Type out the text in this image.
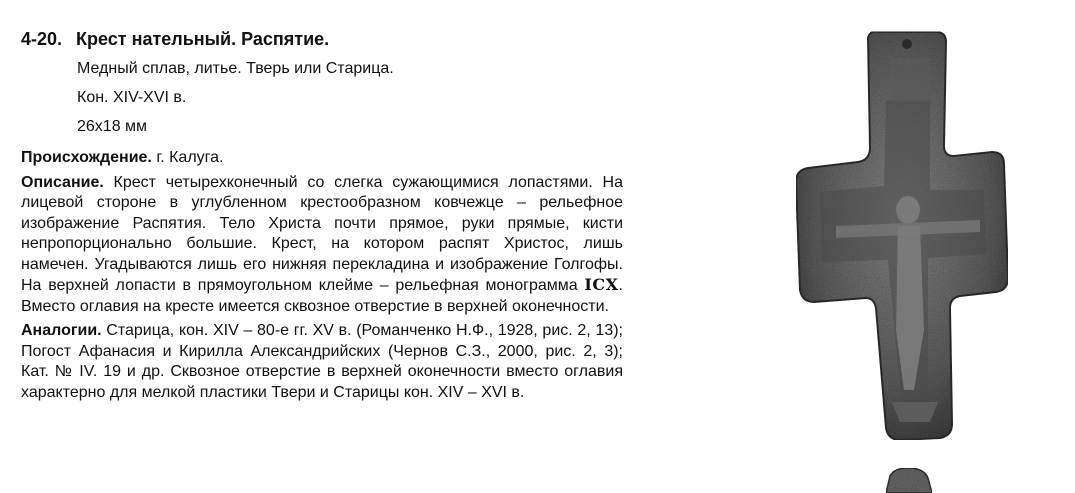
4-20. Крест нательный. Распятие.
Медный сплав, литье. Тверь или Старица.
Кон. XIV-XVI в.
26х18 мм
Происхождение. г. Калуга.
Описание. Крест четырехконечный со слегка сужающимися лопастями. На лицевой стороне в углубленном крестообразном ковчежце – рельефное изображение Распятия. Тело Христа почти прямое, руки прямые, кисти непропорционально большие. Крест, на котором распят Христос, лишь намечен. Угадываются лишь его нижняя перекладина и изображение Голгофы. На верхней лопасти в прямоугольном клейме – рельефная монограмма IСХ. Вместо оглавия на кресте имеется сквозное отверстие в верхней оконечности.
Аналогии. Старица, кон. XIV – 80-е гг. XV в. (Романченко Н.Ф., 1928, рис. 2, 13); Погост Афанасия и Кирилла Александрийских (Чернов С.З., 2000, рис. 2, 3); Кат. № IV. 19 и др. Сквозное отверстие в верхней оконечности вместо оглавия характерно для мелкой пластики Твери и Старицы кон. XIV – XVI в.
